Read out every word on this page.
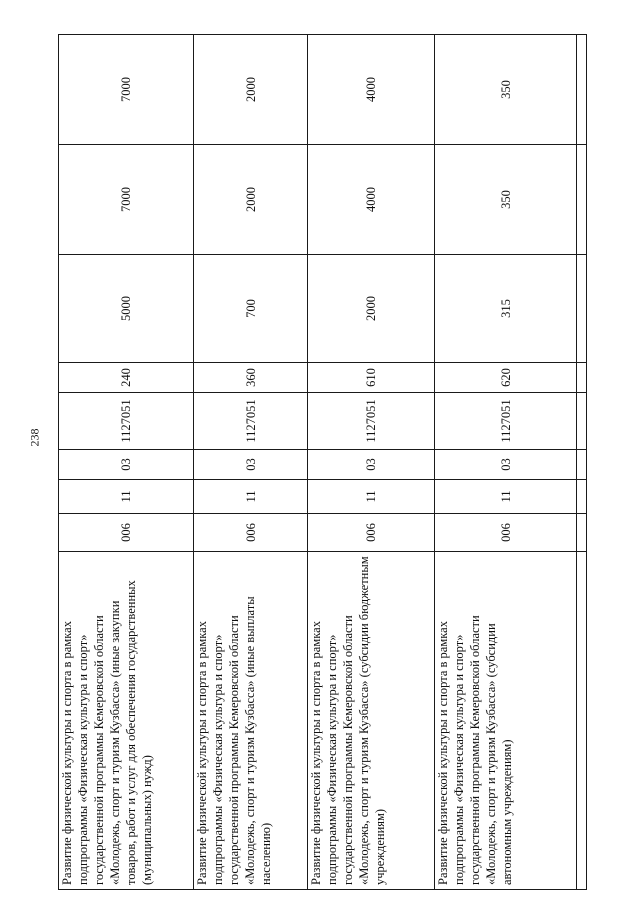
238
Развитие физической культуры и спорта в рамках подпрограммы «Физическая культура и спорт» государственной программы Кемеровской области «Молодежь, спорт и туризм Кузбасса» (иные закупки товаров, работ и услуг для обеспечения государственных (муниципальных) нужд)	006	11	03	1127051	240	5000	7000	7000
Развитие физической культуры и спорта в рамках подпрограммы «Физическая культура и спорт» государственной программы Кемеровской области «Молодежь, спорт и туризм Кузбасса» (иные выплаты населению)	006	11	03	1127051	360	700	2000	2000
Развитие физической культуры и спорта в рамках подпрограммы «Физическая культура и спорт» государственной программы Кемеровской области «Молодежь, спорт и туризм Кузбасса» (субсидии бюджетным учреждениям)	006	11	03	1127051	610	2000	4000	4000
Развитие физической культуры и спорта в рамках подпрограммы «Физическая культура и спорт» государственной программы Кемеровской области «Молодежь, спорт и туризм Кузбасса» (субсидии автономным учреждениям)	006	11	03	1127051	620	315	350	350
